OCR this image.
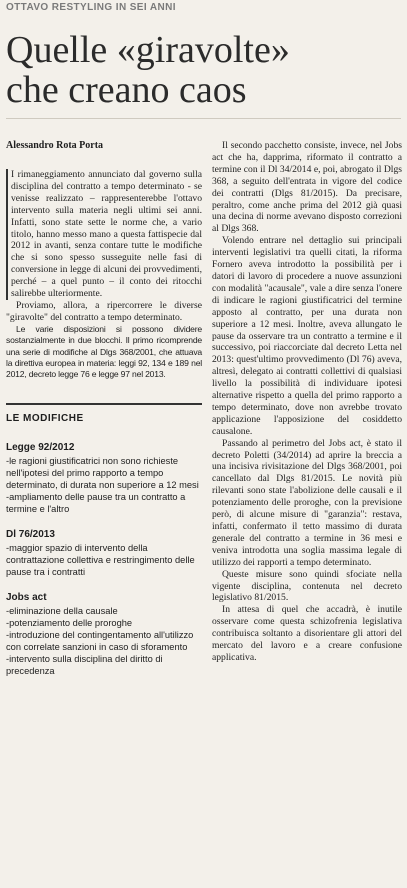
OTTAVO RESTYLING IN SEI ANNI
Quelle «giravolte»
che creano caos
Alessandro Rota Porta

I rimaneggiamento annunciato dal governo sulla disciplina del contratto a tempo determinato - se venisse realizzato – rappresenterebbe l'ottavo intervento sulla materia negli ultimi sei anni. Infatti, sono state sette le norme che, a vario titolo, hanno messo mano a questa fattispecie dal 2012 in avanti, senza contare tutte le modifiche che si sono spesso susseguite nelle fasi di conversione in legge di alcuni dei provvedimenti, perché – a quel punto – il conto dei ritocchi salirebbe ulteriormente.

Proviamo, allora, a ripercorrere le diverse "giravolte" del contratto a tempo determinato.

Le varie disposizioni si possono dividere sostanzialmente in due blocchi. Il primo ricomprende una serie di modifiche al Dlgs 368/2001, che attuava la direttiva europea in materia: leggi 92, 134 e 189 nel 2012, decreto legge 76 e legge 97 nel 2013.

LE MODIFICHE
Legge 92/2012
-le ragioni giustificatrici non sono richieste nell'ipotesi del primo rapporto a tempo determinato, di durata non superiore a 12 mesi
-ampliamento delle pause tra un contratto a termine e l'altro
Dl 76/2013
-maggior spazio di intervento della contrattazione collettiva e restringimento delle pause tra i contratti
Jobs act
-eliminazione della causale
-potenziamento delle proroghe
-introduzione del contingentamento all'utilizzo con correlate sanzioni in caso di sforamento
-intervento sulla disciplina del diritto di precedenza

Il secondo pacchetto consiste, invece, nel Jobs act che ha, dapprima, riformato il contratto a termine con il Dl 34/2014 e, poi, abrogato il Dlgs 368, a seguito dell'entrata in vigore del codice dei contratti (Dlgs 81/2015). Da precisare, peraltro, come anche prima del 2012 già quasi una decina di norme avevano disposto correzioni al Dlgs 368.

Volendo entrare nel dettaglio sui principali interventi legislativi tra quelli citati, la riforma Fornero aveva introdotto la possibilità per i datori di lavoro di procedere a nuove assunzioni con modalità "acausale", vale a dire senza l'onere di indicare le ragioni giustificatrici del termine apposto al contratto, per una durata non superiore a 12 mesi. Inoltre, aveva allungato le pause da osservare tra un contratto a termine e il successivo, poi riaccorciate dal decreto Letta nel 2013: quest'ultimo provvedimento (Dl 76) aveva, altresì, delegato ai contratti collettivi di qualsiasi livello la possibilità di individuare ipotesi alternative rispetto a quella del primo rapporto a tempo determinato, dove non avrebbe trovato applicazione l'apposizione del cosiddetto causalone.

Passando al perimetro del Jobs act, è stato il decreto Poletti (34/2014) ad aprire la breccia a una incisiva rivisitazione del Dlgs 368/2001, poi cancellato dal Dlgs 81/2015. Le novità più rilevanti sono state l'abolizione delle causali e il potenziamento delle proroghe, con la previsione però, di alcune misure di "garanzia": restava, infatti, confermato il tetto massimo di durata generale del contratto a termine in 36 mesi e veniva introdotta una soglia massima legale di utilizzo dei rapporti a tempo determinato.

Queste misure sono quindi sfociate nella vigente disciplina, contenuta nel decreto legislativo 81/2015.

In attesa di quel che accadrà, è inutile osservare come questa schizofrenia legislativa contribuisca soltanto a disorientare gli attori del mercato del lavoro e a creare confusione applicativa.
